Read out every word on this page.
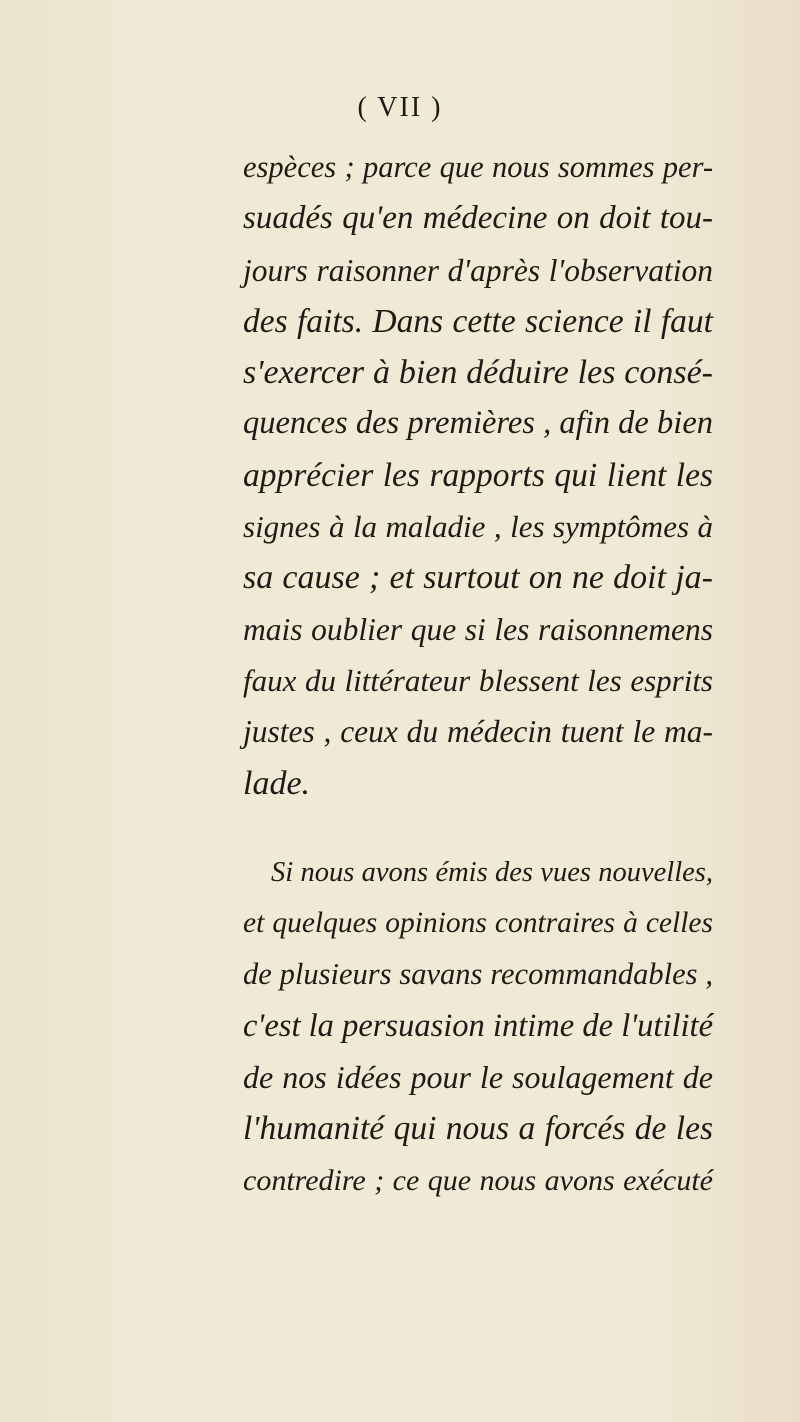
( VII )
espèces ; parce que nous sommes per-
suadés qu'en médecine on doit tou-
jours raisonner d'après l'observation
des faits. Dans cette science il faut
s'exercer à bien déduire les consé-
quences des premières , afin de bien
apprécier les rapports qui lient les
signes à la maladie , les symptômes à
sa cause ; et surtout on ne doit ja-
mais oublier que si les raisonnemens
faux du littérateur blessent les esprits
justes , ceux du médecin tuent le ma-
lade.
Si nous avons émis des vues nouvelles,
et quelques opinions contraires à celles
de plusieurs savans recommandables ,
c'est la persuasion intime de l'utilité
de nos idées pour le soulagement de
l'humanité qui nous a forcés de les
contredire ; ce que nous avons exécuté
